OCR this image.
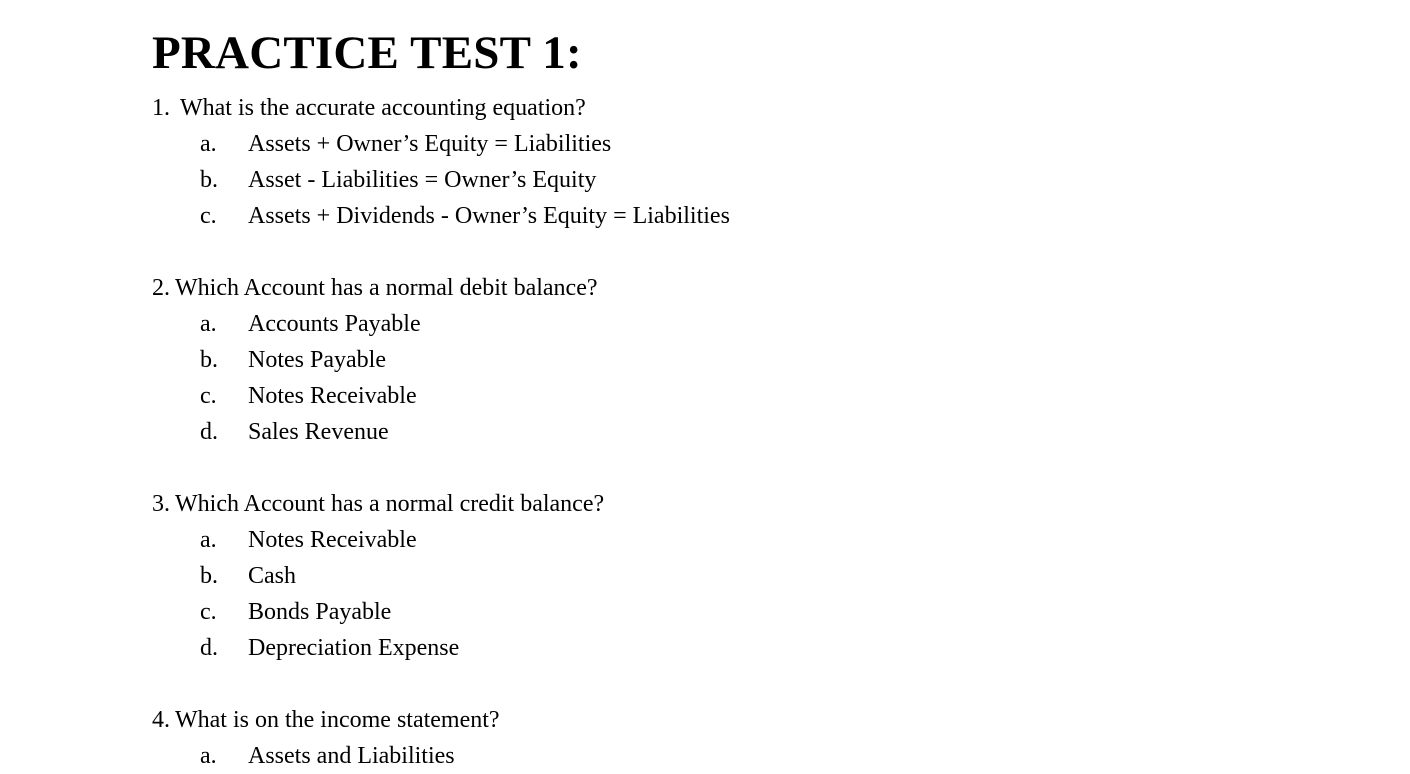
PRACTICE TEST 1:
1. What is the accurate accounting equation?
a. Assets + Owner’s Equity = Liabilities
b. Asset - Liabilities = Owner’s Equity
c. Assets + Dividends - Owner’s Equity = Liabilities
2. Which Account has a normal debit balance?
a. Accounts Payable
b. Notes Payable
c. Notes Receivable
d. Sales Revenue
3. Which Account has a normal credit balance?
a. Notes Receivable
b. Cash
c. Bonds Payable
d. Depreciation Expense
4. What is on the income statement?
a. Assets and Liabilities
